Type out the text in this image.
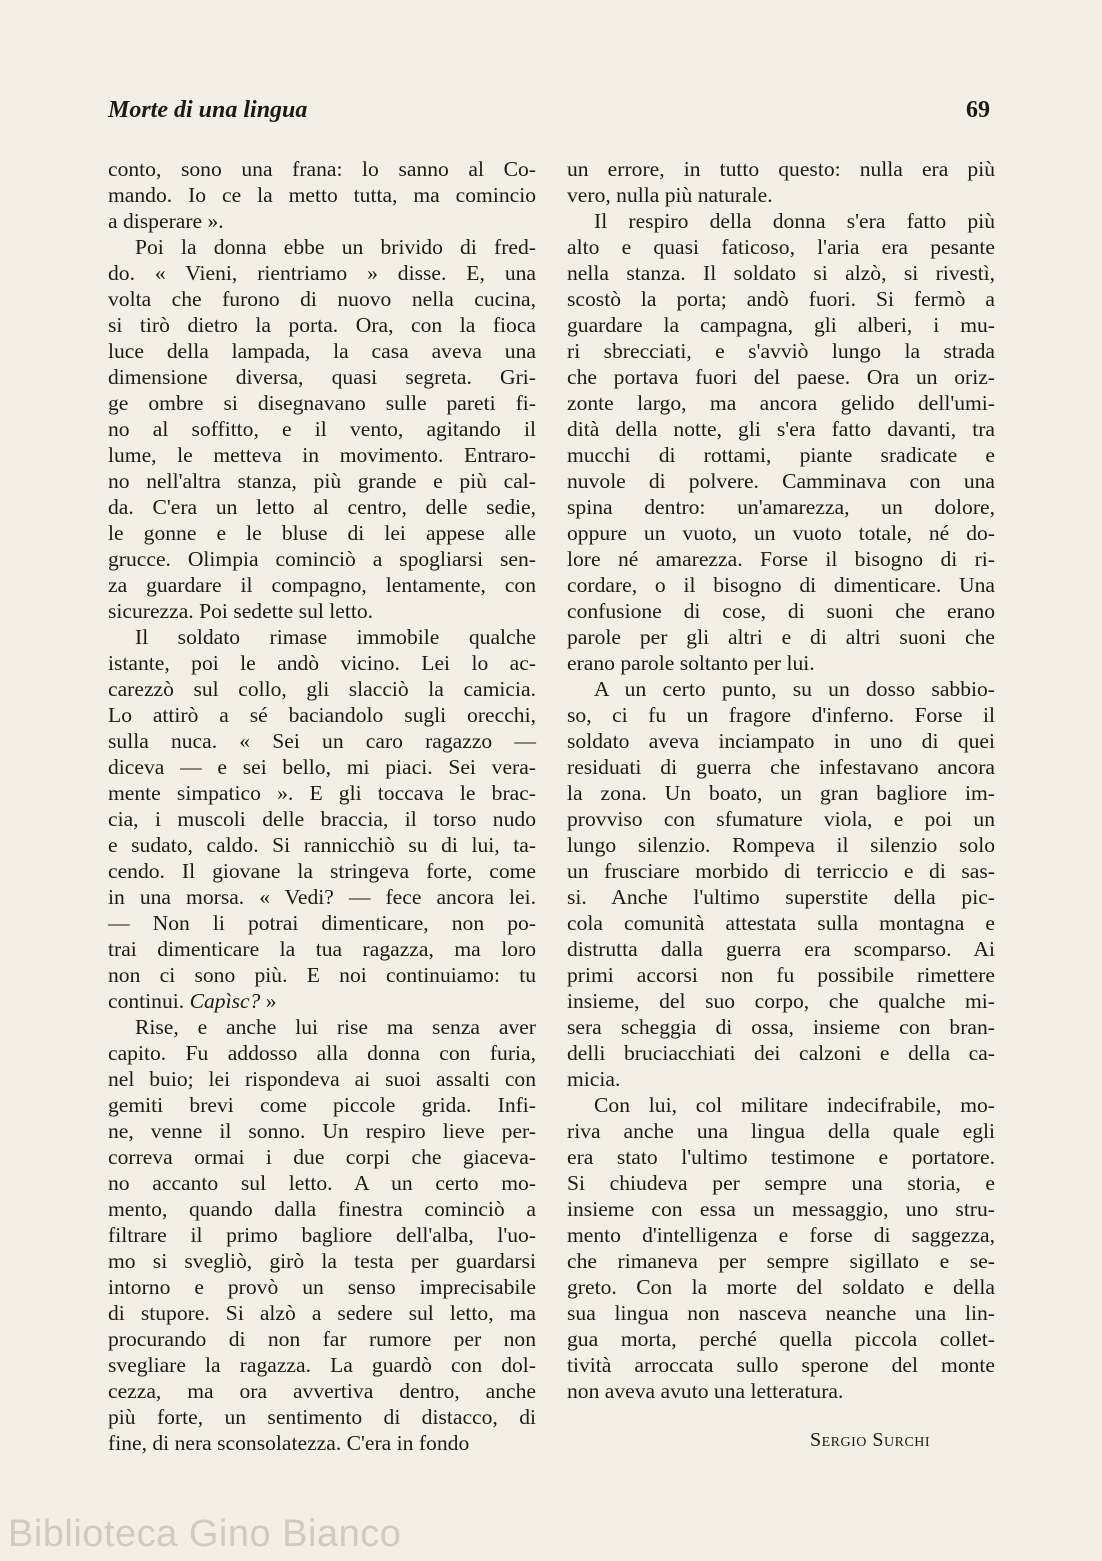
Morte di una lingua	69
conto, sono una frana: lo sanno al Co-
mando. Io ce la metto tutta, ma comincio
a disperare ».
Poi la donna ebbe un brivido di fred-
do. « Vieni, rientriamo » disse. E, una
volta che furono di nuovo nella cucina,
si tirò dietro la porta. Ora, con la fioca
luce della lampada, la casa aveva una
dimensione diversa, quasi segreta. Gri-
ge ombre si disegnavano sulle pareti fi-
no al soffitto, e il vento, agitando il
lume, le metteva in movimento. Entraro-
no nell'altra stanza, più grande e più cal-
da. C'era un letto al centro, delle sedie,
le gonne e le bluse di lei appese alle
grucce. Olimpia cominciò a spogliarsi sen-
za guardare il compagno, lentamente, con
sicurezza. Poi sedette sul letto.
Il soldato rimase immobile qualche
istante, poi le andò vicino. Lei lo ac-
carezzò sul collo, gli slacciò la camicia.
Lo attirò a sé baciandolo sugli orecchi,
sulla nuca. « Sei un caro ragazzo —
diceva — e sei bello, mi piaci. Sei vera-
mente simpatico ». E gli toccava le brac-
cia, i muscoli delle braccia, il torso nudo
e sudato, caldo. Si rannicchiò su di lui, ta-
cendo. Il giovane la stringeva forte, come
in una morsa. « Vedi? — fece ancora lei.
— Non li potrai dimenticare, non po-
trai dimenticare la tua ragazza, ma loro
non ci sono più. E noi continuiamo: tu
continui. Capìsc? »
Rise, e anche lui rise ma senza aver
capito. Fu addosso alla donna con furia,
nel buio; lei rispondeva ai suoi assalti con
gemiti brevi come piccole grida. Infi-
ne, venne il sonno. Un respiro lieve per-
correva ormai i due corpi che giaceva-
no accanto sul letto. A un certo mo-
mento, quando dalla finestra cominciò a
filtrare il primo bagliore dell'alba, l'uo-
mo si svegliò, girò la testa per guardarsi
intorno e provò un senso imprecisabile
di stupore. Si alzò a sedere sul letto, ma
procurando di non far rumore per non
svegliare la ragazza. La guardò con dol-
cezza, ma ora avvertiva dentro, anche
più forte, un sentimento di distacco, di
fine, di nera sconsolatezza. C'era in fondo
un errore, in tutto questo: nulla era più
vero, nulla più naturale.
Il respiro della donna s'era fatto più
alto e quasi faticoso, l'aria era pesante
nella stanza. Il soldato si alzò, si rivestì,
scostò la porta; andò fuori. Si fermò a
guardare la campagna, gli alberi, i mu-
ri sbrecciati, e s'avviò lungo la strada
che portava fuori del paese. Ora un oriz-
zonte largo, ma ancora gelido dell'umi-
dità della notte, gli s'era fatto davanti, tra
mucchi di rottami, piante sradicate e
nuvole di polvere. Camminava con una
spina dentro: un'amarezza, un dolore,
oppure un vuoto, un vuoto totale, né do-
lore né amarezza. Forse il bisogno di ri-
cordare, o il bisogno di dimenticare. Una
confusione di cose, di suoni che erano
parole per gli altri e di altri suoni che
erano parole soltanto per lui.
A un certo punto, su un dosso sabbio-
so, ci fu un fragore d'inferno. Forse il
soldato aveva inciampato in uno di quei
residuati di guerra che infestavano ancora
la zona. Un boato, un gran bagliore im-
provviso con sfumature viola, e poi un
lungo silenzio. Rompeva il silenzio solo
un frusciare morbido di terriccio e di sas-
si. Anche l'ultimo superstite della pic-
cola comunità attestata sulla montagna e
distrutta dalla guerra era scomparso. Ai
primi accorsi non fu possibile rimettere
insieme, del suo corpo, che qualche mi-
sera scheggia di ossa, insieme con bran-
delli bruciacchiati dei calzoni e della ca-
micia.
Con lui, col militare indecifrabile, mo-
riva anche una lingua della quale egli
era stato l'ultimo testimone e portatore.
Si chiudeva per sempre una storia, e
insieme con essa un messaggio, uno stru-
mento d'intelligenza e forse di saggezza,
che rimaneva per sempre sigillato e se-
greto. Con la morte del soldato e della
sua lingua non nasceva neanche una lin-
gua morta, perché quella piccola collet-
tività arroccata sullo sperone del monte
non aveva avuto una letteratura.
Sergio Surchi
Biblioteca Gino Bianco
